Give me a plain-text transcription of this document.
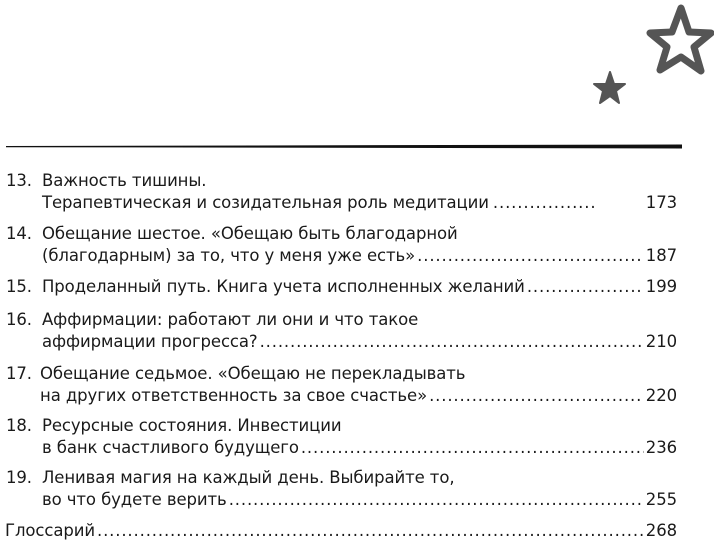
13. Важность тишины.
Терапевтическая и созидательная роль медитации . . .	173
14. Обещание шестое. «Обещаю быть благодарной
(благодарным) за то, что у меня уже есть» . . .	187
15. Проделанный путь. Книга учета исполненных желаний . . .	199
16. Аффирмации: работают ли они и что такое
аффирмации прогресса? . . .	210
17. Обещание седьмое. «Обещаю не перекладывать
на других ответственность за свое счастье» . . .	220
18. Ресурсные состояния. Инвестиции
в банк счастливого будущего . . .	236
19. Ленивая магия на каждый день. Выбирайте то,
во что будете верить . . .	255
Глоссарий . . .	268
